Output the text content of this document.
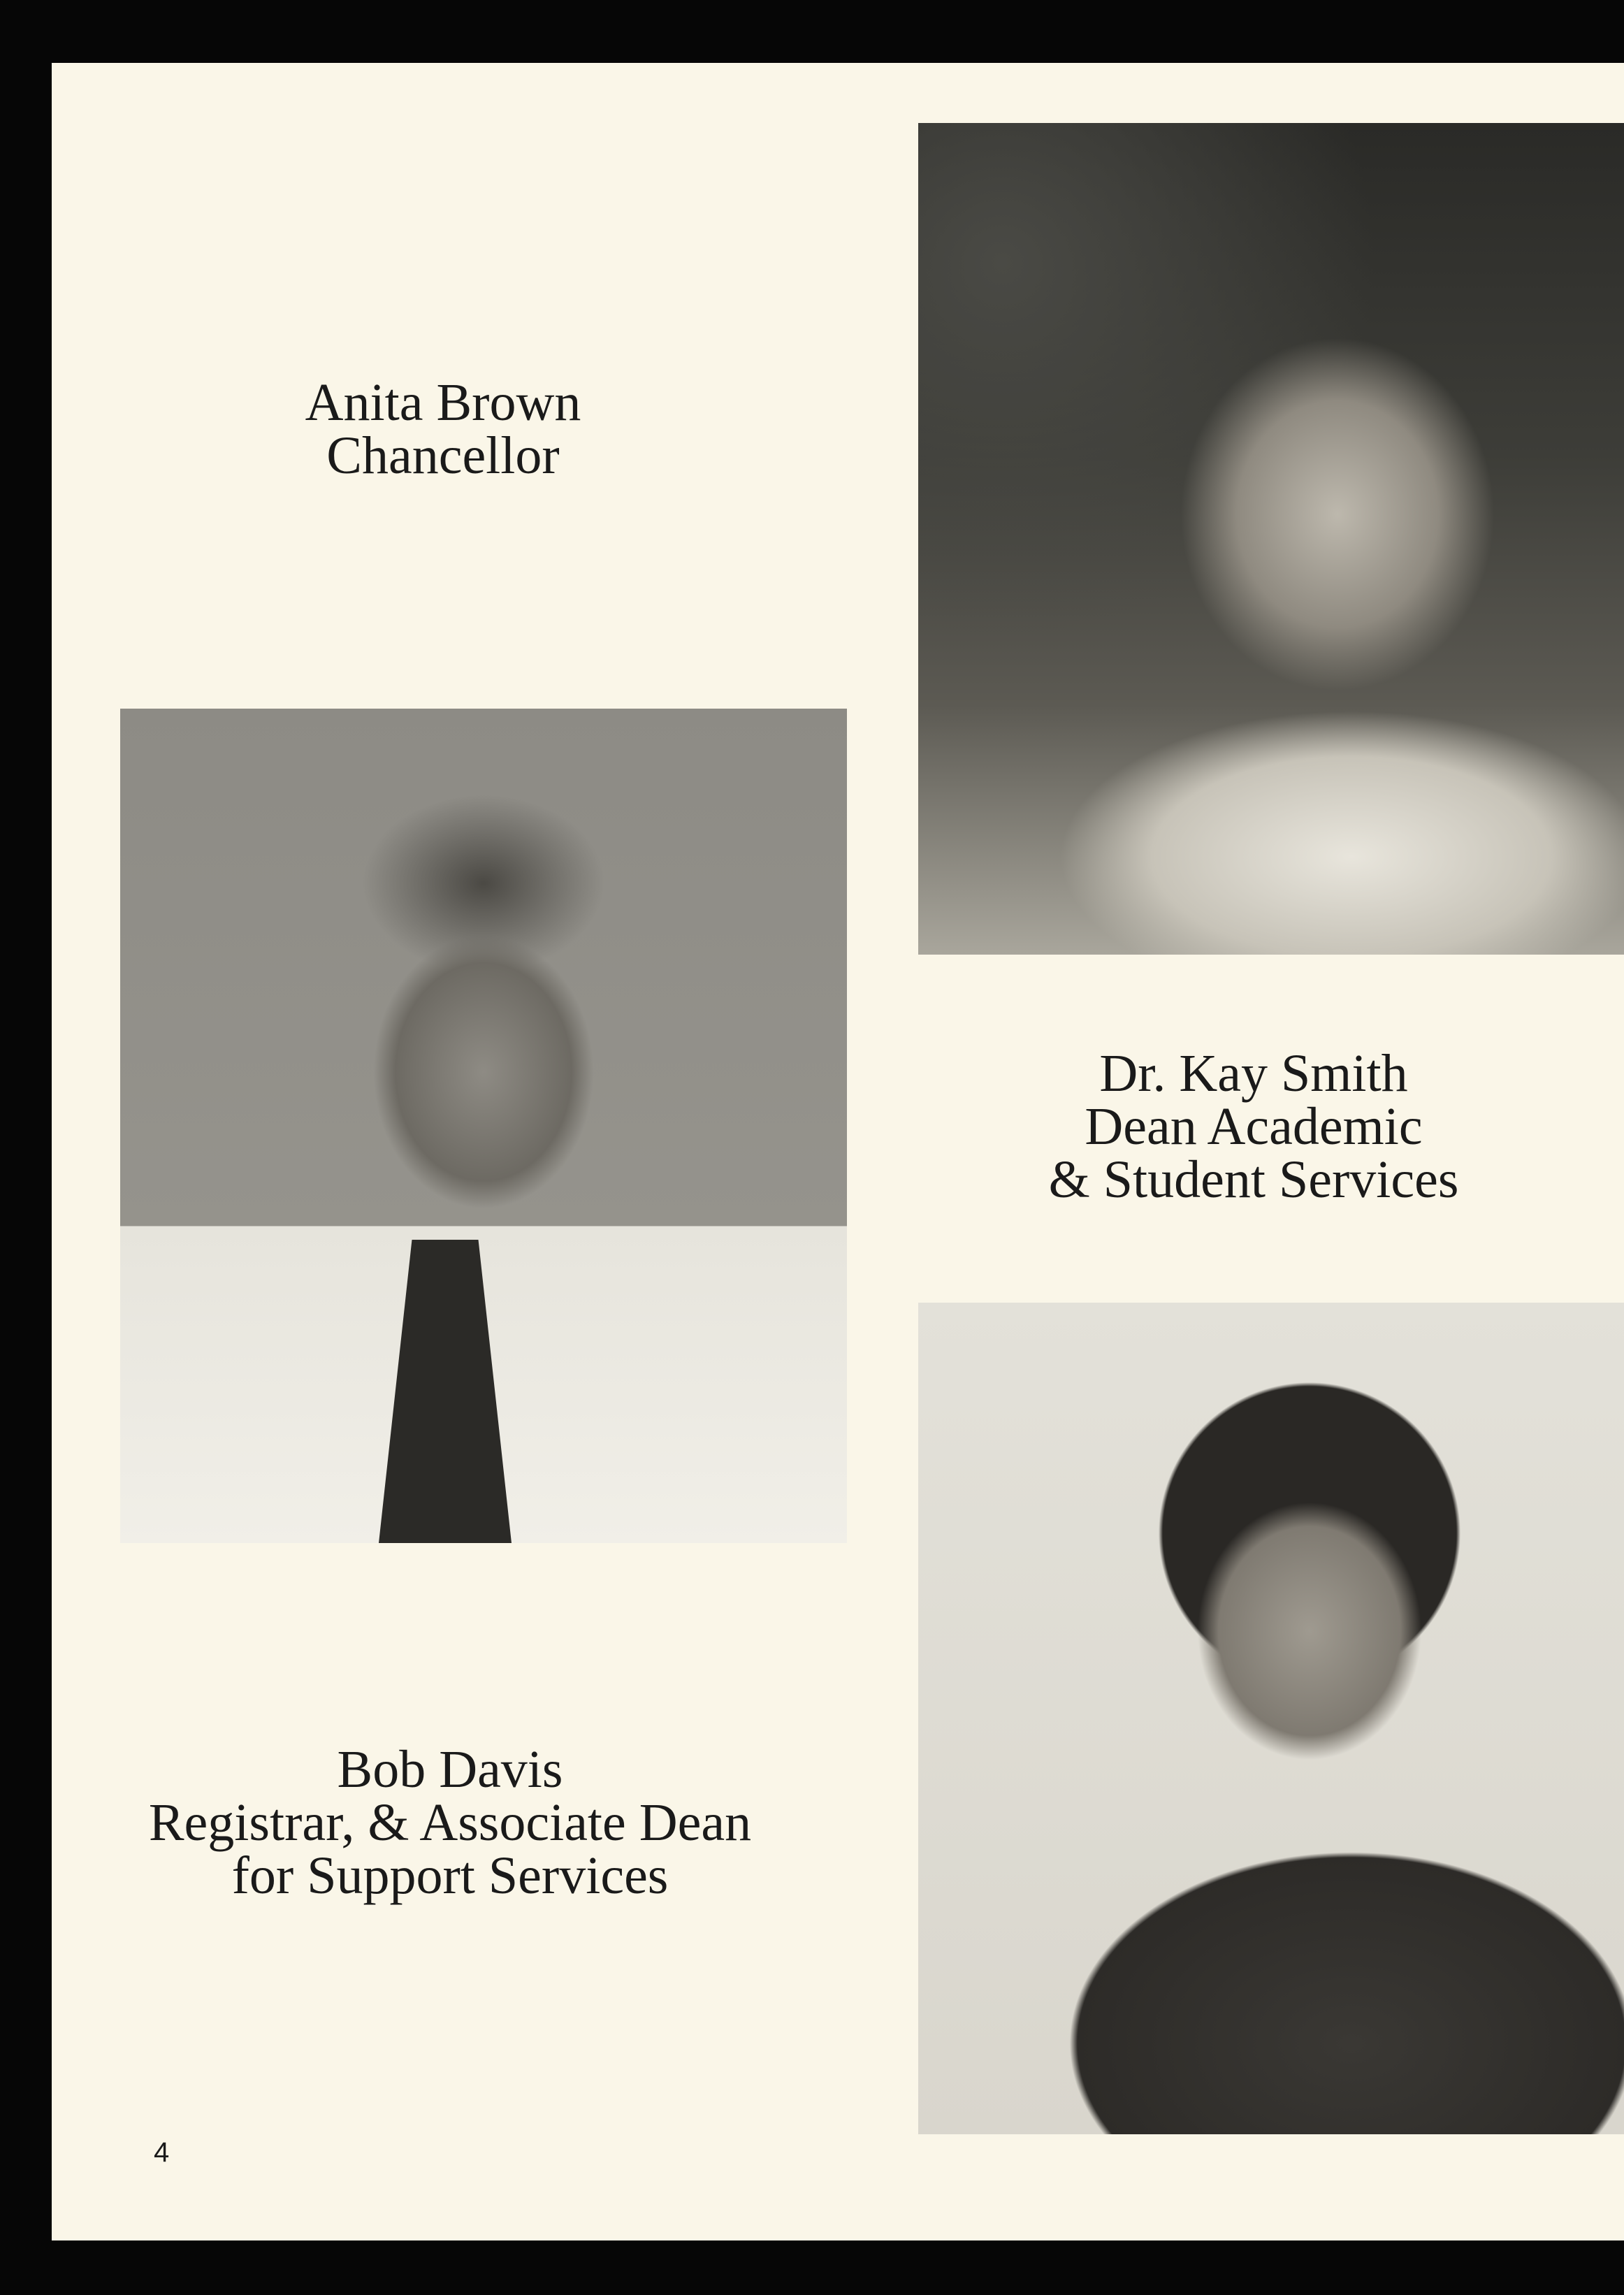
Anita Brown
Chancellor
Dr. Kay Smith
Dean Academic
& Student Services
Bob Davis
Registrar, & Associate Dean
for Support Services
4
